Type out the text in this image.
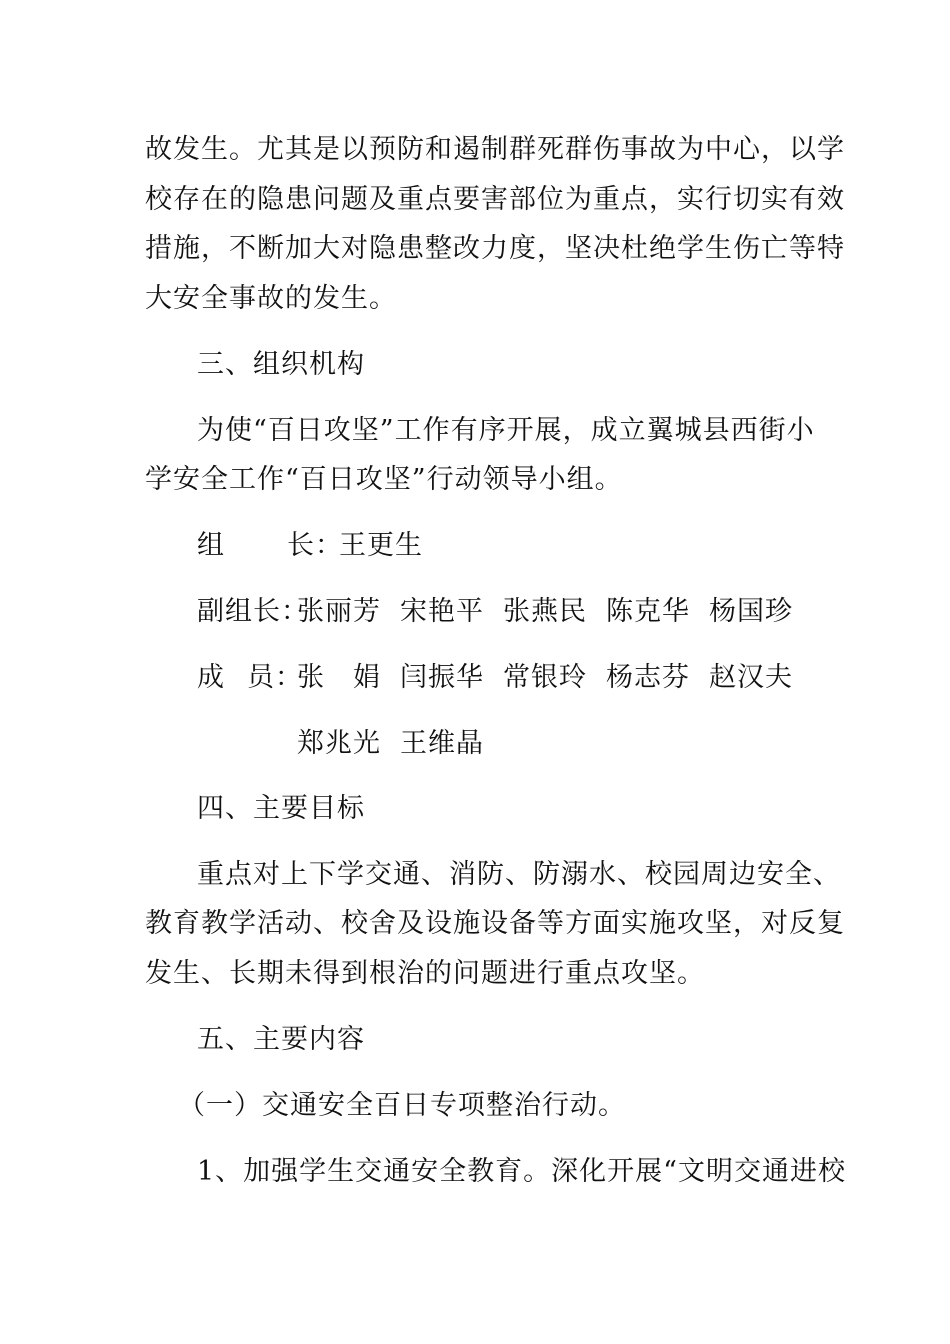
故发生。尤其是以预防和遏制群死群伤事故为中心，以学
校存在的隐患问题及重点要害部位为重点，实行切实有效
措施，不断加大对隐患整改力度，坚决杜绝学生伤亡等特
大安全事故的发生。
三、组织机构
为使“百日攻坚”工作有序开展，成立翼城县西街小
学安全工作“百日攻坚”行动领导小组。
组 长：王更生
副组长：张丽芳 宋艳平 张燕民 陈克华 杨国珍
成 员：张　娟 闫振华 常银玲 杨志芬 赵汉夫
郑兆光 王维晶
四、主要目标
重点对上下学交通、消防、防溺水、校园周边安全、
教育教学活动、校舍及设施设备等方面实施攻坚，对反复
发生、长期未得到根治的问题进行重点攻坚。
五、主要内容
（一）交通安全百日专项整治行动。
1、加强学生交通安全教育。深化开展“文明交通进校
